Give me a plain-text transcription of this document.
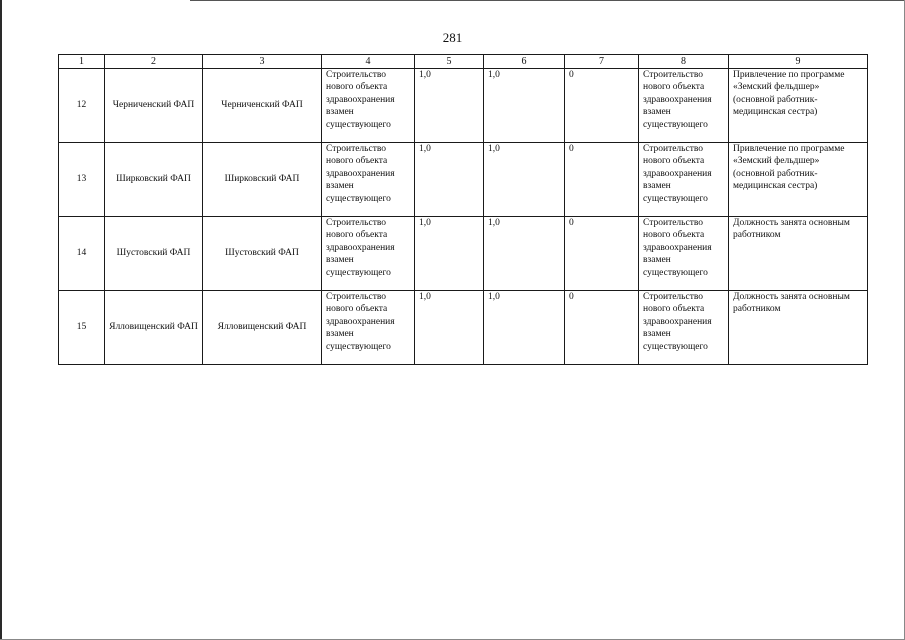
281
1	2	3	4	5	6	7	8	9
12	Черниченский ФАП	Черниченский ФАП	Строительство нового объекта здравоохранения взамен существующего	1,0	1,0	0	Строительство нового объекта здравоохранения взамен существующего	Привлечение по программе «Земский фельдшер» (основной работник- медицинская сестра)
13	Ширковский ФАП	Ширковский ФАП	Строительство нового объекта здравоохранения взамен существующего	1,0	1,0	0	Строительство нового объекта здравоохранения взамен существующего	Привлечение по программе «Земский фельдшер» (основной работник- медицинская сестра)
14	Шустовский ФАП	Шустовский ФАП	Строительство нового объекта здравоохранения взамен существующего	1,0	1,0	0	Строительство нового объекта здравоохранения взамен существующего	Должность занята основным работником
15	Ялловищенский ФАП	Ялловищенский ФАП	Строительство нового объекта здравоохранения взамен существующего	1,0	1,0	0	Строительство нового объекта здравоохранения взамен существующего	Должность занята основным работником
